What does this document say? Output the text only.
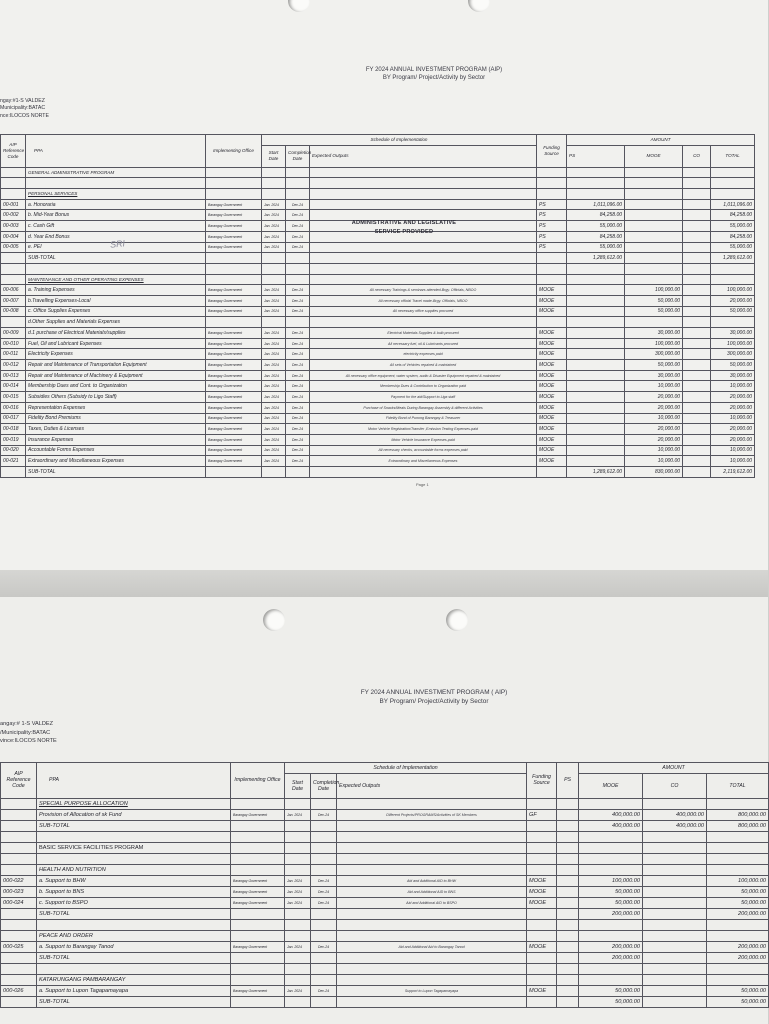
FY 2024 ANNUAL INVESTMENT PROGRAM (AIP)
BY Program/ Project/Activity by Sector
ngay:#1-S VALDEZ
Municipality:BATAC
nce:ILOCOS NORTE
AIP Reference Code	PPA	Implementing Office	Schedule of Implementation			Funding Source	AMOUNT			
			Start Date	Completion Date	Expected Outputs		PS	MOOE	CO	TOTAL
	GENERAL ADMINISTRATIVE PROGRAM									

	PERSONAL SERVICES									
00-001	a. Honoraria	Barangay Government	Jan. 2024	Dec-24		PS	1,011,096.00			1,011,096.00
00-002	b. Mid-Year Bonus	Barangay Government	Jan. 2024	Dec-24		PS	84,258.00			84,258.00
00-003	c. Cash Gift	Barangay Government	Jan. 2024	Dec-24		PS	55,000.00			55,000.00
00-004	d. Year End Bonus	Barangay Government	Jan. 2024	Dec-24		PS	84,258.00			84,258.00
00-005	e. PEI	Barangay Government	Jan. 2024	Dec-24		PS	55,000.00			55,000.00
	SUB-TOTAL						1,289,612.00			1,289,612.00

	MAINTENANCE AND OTHER OPERATING EXPENSES									
00-006	a. Training Expenses	Barangay Government	Jan. 2024	Dec-24	All necessary Trainings & seminars attended-Brgy. Officials, NBOO	MOOE		100,000.00		100,000.00
00-007	b.Travelling Expenses-Local	Barangay Government	Jan. 2024	Dec-24	All necessary official Travel made-Brgy. Officials, NBOO	MOOE		50,000.00		20,000.00
00-008	c. Office Supplies Expenses	Barangay Government	Jan. 2024	Dec-24	All necessary office supplies procured	MOOE		50,000.00		50,000.00
	d.Other Supplies and Materials Expenses									
00-009	d.1 purchase of Electrical Materials/supplies	Barangay Government	Jan. 2024	Dec-24	Electrical Materials Supplies & bulb procured	MOOE		30,000.00		30,000.00
00-010	Fuel, Oil and Lubricant Expenses	Barangay Government	Jan. 2024	Dec-24	All necessary fuel, oil & Lubricants procured	MOOE		100,000.00		100,000.00
00-011	Electricity Expenses	Barangay Government	Jan. 2024	Dec-24	electricity expenses paid	MOOE		300,000.00		300,000.00
00-012	Repair and Maintenance of Transportation Equipment	Barangay Government	Jan. 2024	Dec-24	All sets of Vehicles repaired & maintained	MOOE		50,000.00		50,000.00
00-013	Repair and Maintenance of Machinery & Equipment	Barangay Government	Jan. 2024	Dec-24	All necessary office equipment, water system, audio & Disaster Equipment repaired & maintained	MOOE		30,000.00		30,000.00
00-014	Membership Dues and Cont. to Organization	Barangay Government	Jan. 2024	Dec-24	Membership Dues & Contribution to Organization paid	MOOE		10,000.00		10,000.00
00-015	Subsidies Others (Subsidy to Ligo Staff)	Barangay Government	Jan. 2024	Dec-24	Payment for the aid/Support to Liga staff	MOOE		20,000.00		20,000.00
00-016	Representation Expenses	Barangay Government	Jan. 2024	Dec-24	Purchase of Snacks/Meals During Barangay Assembly & different Activities	MOOE		20,000.00		20,000.00
00-017	Fidelity Bond Premiums	Barangay Government	Jan. 2024	Dec-24	Fidelity Bond of Punong Barangay & Treasurer	MOOE		10,000.00		10,000.00
00-018	Taxes, Duties & Licenses	Barangay Government	Jan. 2024	Dec-24	Motor Vehicle Registration/Transfer ,Emission Testing Expenses-paid	MOOE		20,000.00		20,000.00
00-019	Insurance Expenses	Barangay Government	Jan. 2024	Dec-24	Motor Vehicle Insurance Expenses-paid	MOOE		20,000.00		20,000.00
00-020	Accountable Forms Expenses	Barangay Government	Jan. 2024	Dec-24	All necessary checks, accountable forms expenses paid	MOOE		10,000.00		10,000.00
00-021	Extraordinary and Miscellaneous Expenses	Barangay Government	Jan. 2024	Dec-24	Extraordinary and Miscellaneous Expenses	MOOE		10,000.00		10,000.00
	SUB-TOTAL						1,289,612.00	830,000.00		2,119,612.00
ADMINISTRATIVE AND LEGISLATIVE
SERVICE PROVIDED
SRI
Page 1
FY 2024 ANNUAL INVESTMENT PROGRAM ( AIP)
BY Program/ Project/Activity by Sector
angay:# 1-S VALDEZ
/Municipality:BATAC
vince:ILOCOS NORTE
AIP Reference Code	PPA	Implementing Office	Schedule of Implementation			Funding Source	PS	AMOUNT		
			Start Date	Completion Date	Expected Outputs			MOOE	CO	TOTAL
	SPECIAL PURPOSE ALLOCATION									
	Provision of Allocation of sk Fund	Barangay Government	Jan. 2024	Dec-24	Different Projects/PROGRAMS/Activities of SK Members	GF		400,000.00	400,000.00	800,000.00
	SUB-TOTAL							400,000.00	400,000.00	800,000.00

	BASIC SERVICE FACILITIES PROGRAM									

	HEALTH AND NUTRITION									
000-022	a. Support to BHW	Barangay Government	Jan. 2024	Dec-24	Aid and Additional AID to BHW	MOOE		100,000.00		100,000.00
000-023	b. Support to BNS	Barangay Government	Jan. 2024	Dec-24	Aid and Additional AID to BNS	MOOE		50,000.00		50,000.00
000-024	c. Support to BSPO	Barangay Government	Jan. 2024	Dec-24	Aid and Additional AID to BSPO	MOOE		50,000.00		50,000.00
	SUB-TOTAL							200,000.00		200,000.00

	PEACE AND ORDER									
000-025	a. Support to Barangay Tanod	Barangay Government	Jan. 2024	Dec-24	Aid and Additional Aid to Barangay Tanod	MOOE		200,000.00		200,000.00
	SUB-TOTAL							200,000.00		200,000.00

	KATARUNGANG PAMBARANGAY									
000-026	a. Support to Lupon Tagapamayapa	Barangay Government	Jan. 2024	Dec-24	Support to Lupon Tagapamayapa	MOOE		50,000.00		50,000.00
	SUB-TOTAL							50,000.00		50,000.00
